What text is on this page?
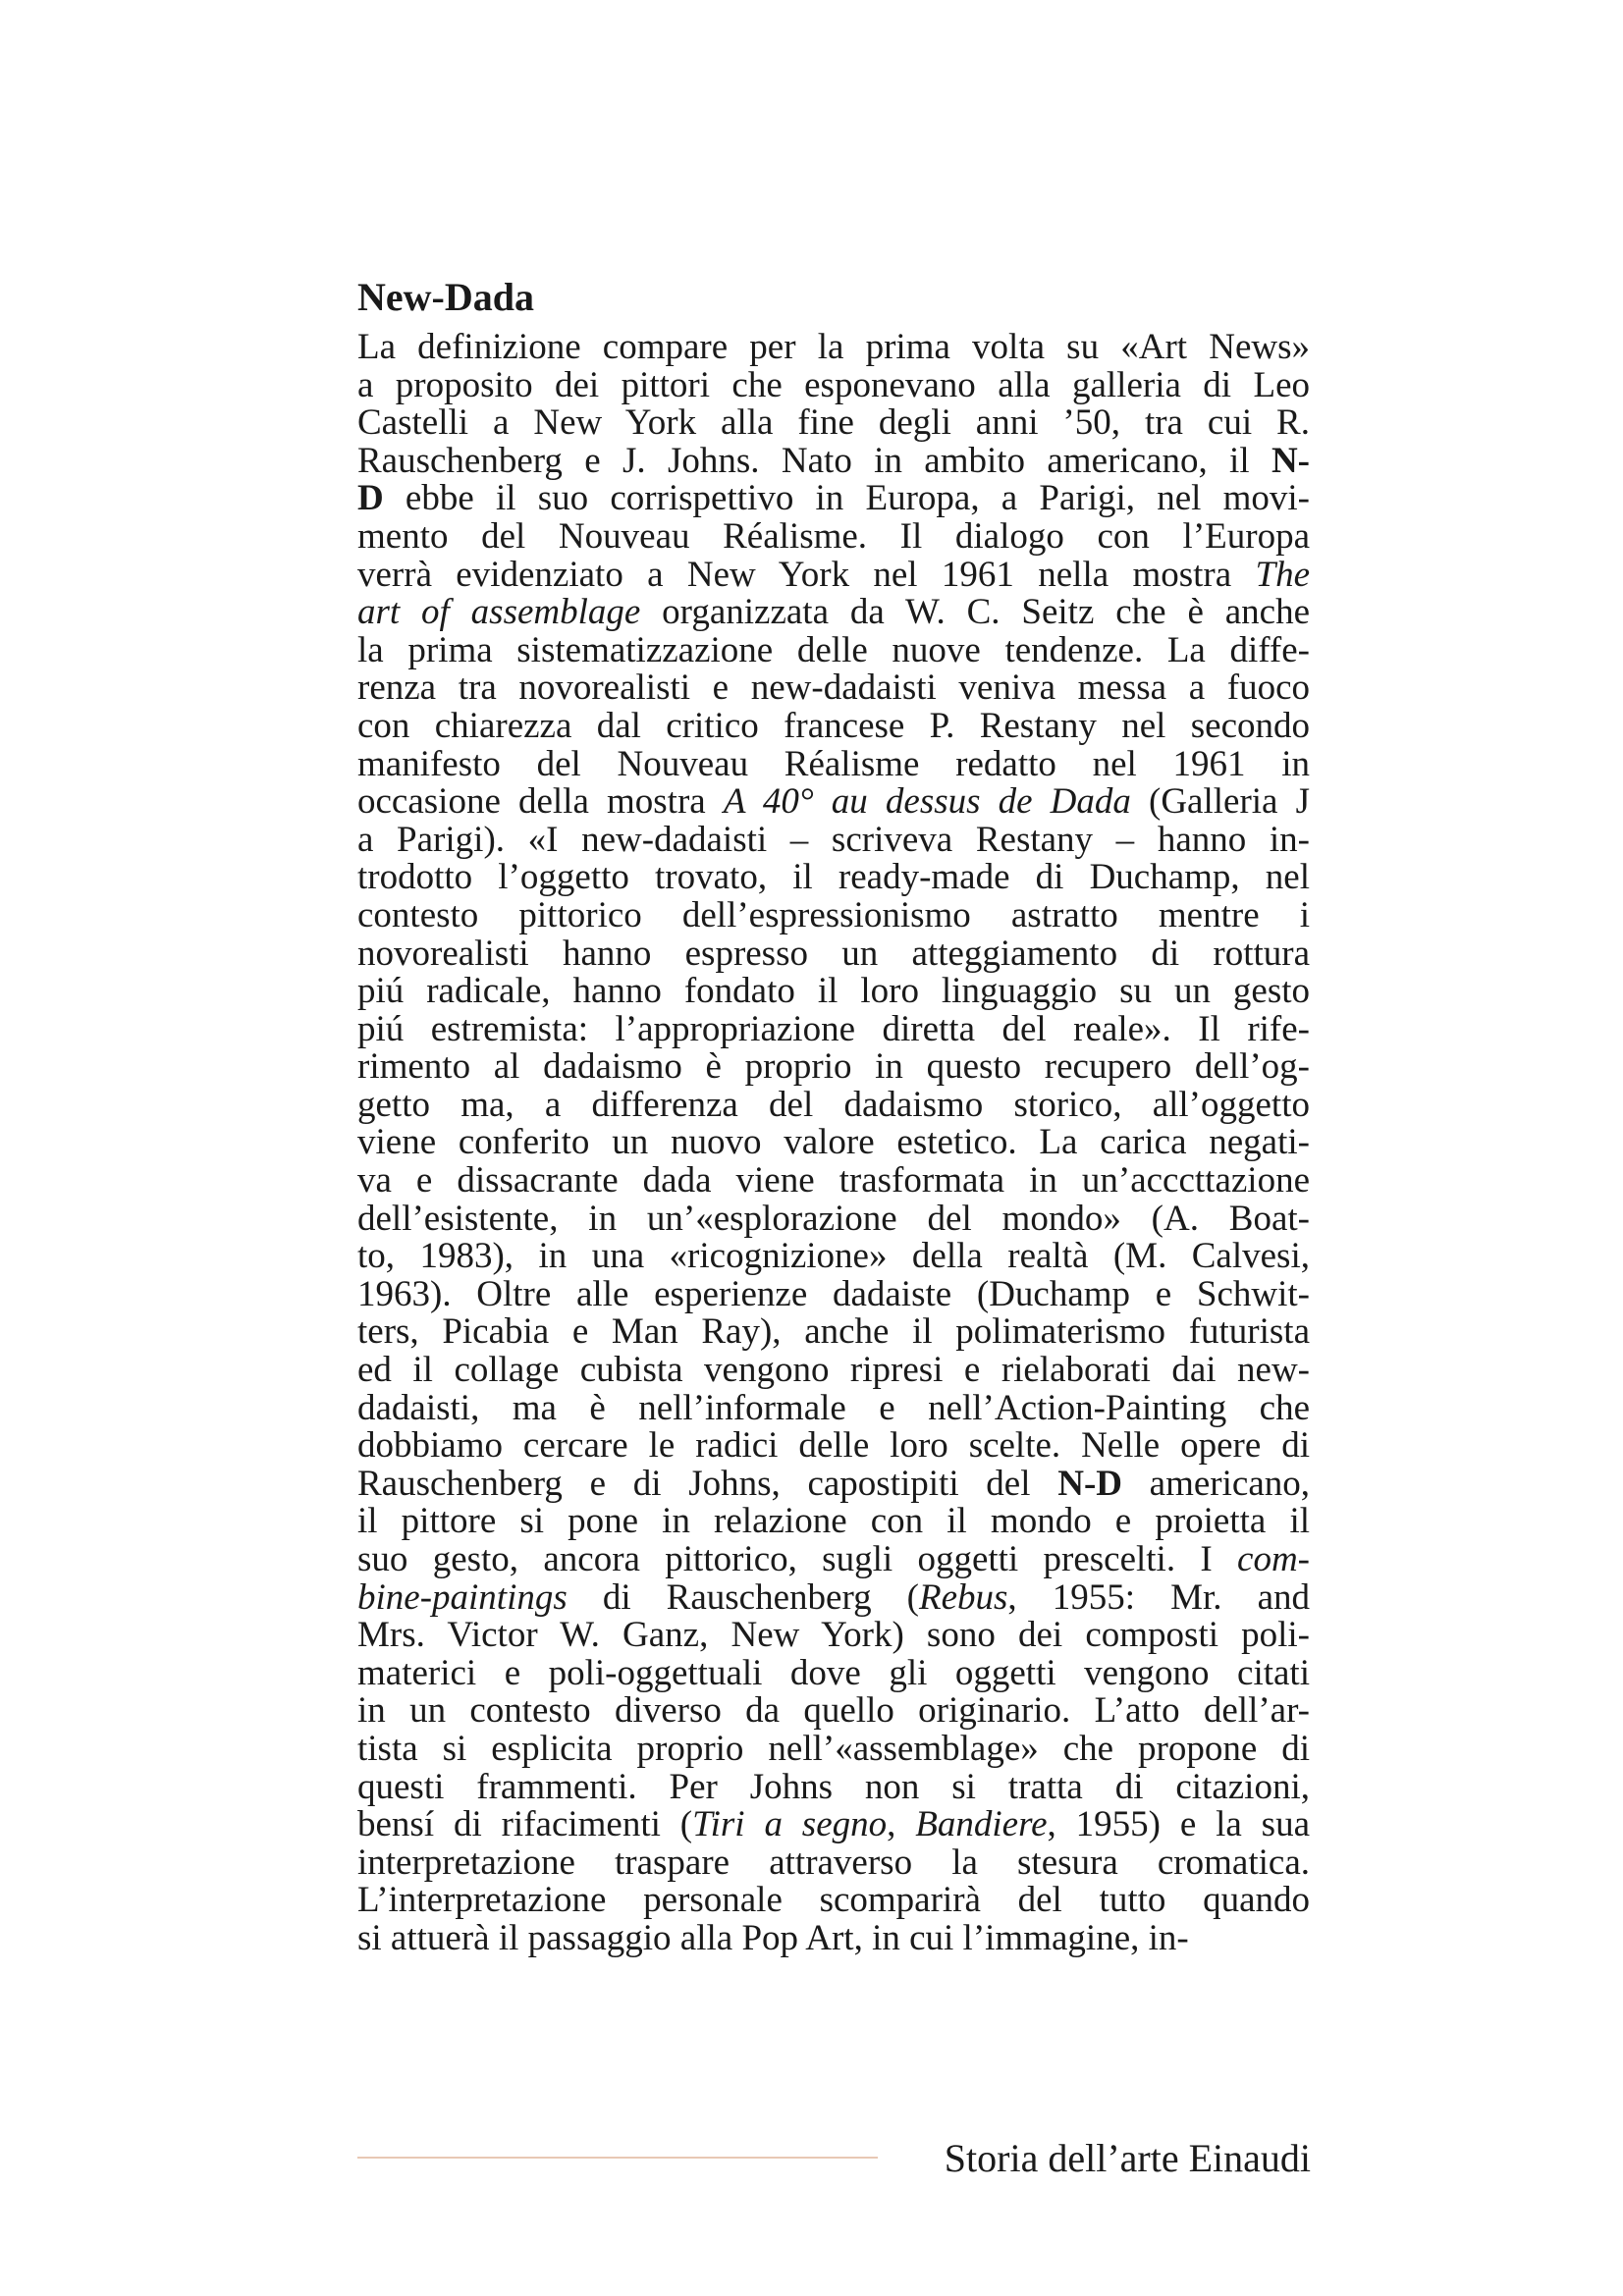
New-Dada
La definizione compare per la prima volta su «Art News»
a proposito dei pittori che esponevano alla galleria di Leo
Castelli a New York alla fine degli anni ’50, tra cui R.
Rauschenberg e J. Johns. Nato in ambito americano, il N-
D ebbe il suo corrispettivo in Europa, a Parigi, nel movi-
mento del Nouveau Réalisme. Il dialogo con l’Europa
verrà evidenziato a New York nel 1961 nella mostra The
art of assemblage organizzata da W. C. Seitz che è anche
la prima sistematizzazione delle nuove tendenze. La diffe-
renza tra novorealisti e new-dadaisti veniva messa a fuoco
con chiarezza dal critico francese P. Restany nel secondo
manifesto del Nouveau Réalisme redatto nel 1961 in
occasione della mostra A 40° au dessus de Dada (Galleria J
a Parigi). «I new-dadaisti – scriveva Restany – hanno in-
trodotto l’oggetto trovato, il ready-made di Duchamp, nel
contesto pittorico dell’espressionismo astratto mentre i
novorealisti hanno espresso un atteggiamento di rottura
piú radicale, hanno fondato il loro linguaggio su un gesto
piú estremista: l’appropriazione diretta del reale». Il rife-
rimento al dadaismo è proprio in questo recupero dell’og-
getto ma, a differenza del dadaismo storico, all’oggetto
viene conferito un nuovo valore estetico. La carica negati-
va e dissacrante dada viene trasformata in un’acccttazione
dell’esistente, in un’«esplorazione del mondo» (A. Boat-
to, 1983), in una «ricognizione» della realtà (M. Calvesi,
1963). Oltre alle esperienze dadaiste (Duchamp e Schwit-
ters, Picabia e Man Ray), anche il polimaterismo futurista
ed il collage cubista vengono ripresi e rielaborati dai new-
dadaisti, ma è nell’informale e nell’Action-Painting che
dobbiamo cercare le radici delle loro scelte. Nelle opere di
Rauschenberg e di Johns, capostipiti del N-D americano,
il pittore si pone in relazione con il mondo e proietta il
suo gesto, ancora pittorico, sugli oggetti prescelti. I com-
bine-paintings di Rauschenberg (Rebus, 1955: Mr. and
Mrs. Victor W. Ganz, New York) sono dei composti poli-
materici e poli-oggettuali dove gli oggetti vengono citati
in un contesto diverso da quello originario. L’atto dell’ar-
tista si esplicita proprio nell’«assemblage» che propone di
questi frammenti. Per Johns non si tratta di citazioni,
bensí di rifacimenti (Tiri a segno, Bandiere, 1955) e la sua
interpretazione traspare attraverso la stesura cromatica.
L’interpretazione personale scomparirà del tutto quando
si attuerà il passaggio alla Pop Art, in cui l’immagine, in-
Storia dell’arte Einaudi
